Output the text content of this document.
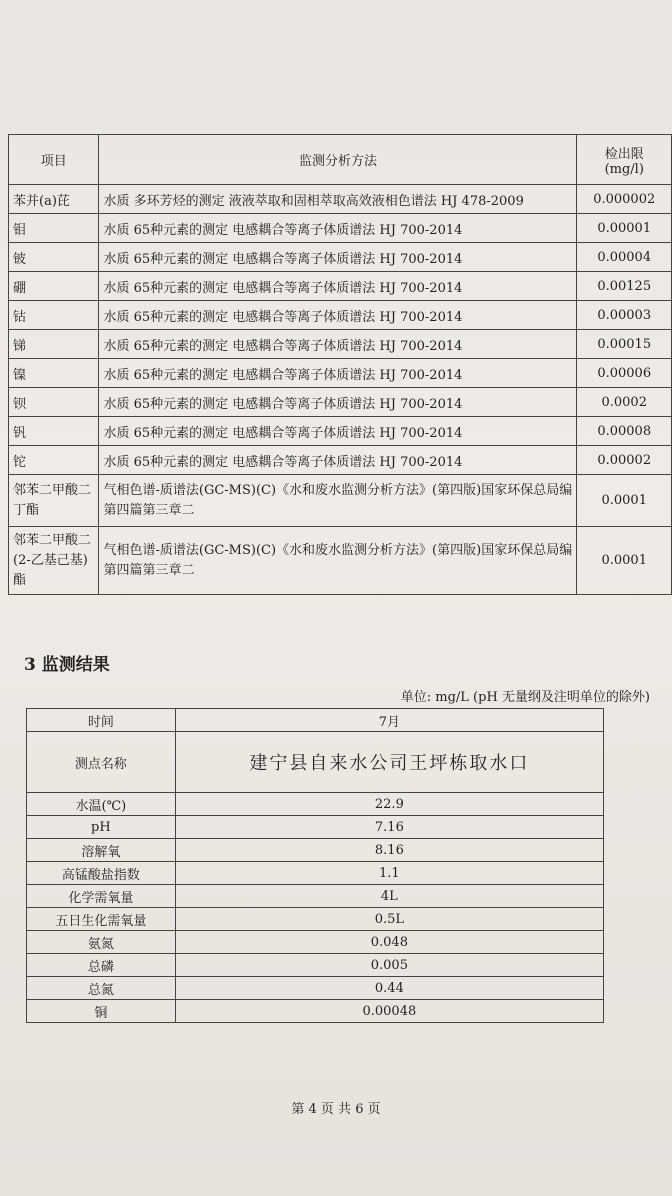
项目	监测分析方法	检出限
(mg/l)

苯并(a)芘	水质 多环芳烃的测定 液液萃取和固相萃取高效液相色谱法 HJ 478-2009	0.000002
钼	水质 65种元素的测定 电感耦合等离子体质谱法 HJ 700-2014	0.00001
铍	水质 65种元素的测定 电感耦合等离子体质谱法 HJ 700-2014	0.00004
硼	水质 65种元素的测定 电感耦合等离子体质谱法 HJ 700-2014	0.00125
钴	水质 65种元素的测定 电感耦合等离子体质谱法 HJ 700-2014	0.00003
锑	水质 65种元素的测定 电感耦合等离子体质谱法 HJ 700-2014	0.00015
镍	水质 65种元素的测定 电感耦合等离子体质谱法 HJ 700-2014	0.00006
钡	水质 65种元素的测定 电感耦合等离子体质谱法 HJ 700-2014	0.0002
钒	水质 65种元素的测定 电感耦合等离子体质谱法 HJ 700-2014	0.00008
铊	水质 65种元素的测定 电感耦合等离子体质谱法 HJ 700-2014	0.00002
邻苯二甲酸二丁酯	气相色谱-质谱法(GC-MS)(C)《水和废水监测分析方法》(第四版)国家环保总局编 第四篇第三章二	0.0001
邻苯二甲酸二(2-乙基己基)酯	气相色谱-质谱法(GC-MS)(C)《水和废水监测分析方法》(第四版)国家环保总局编 第四篇第三章二	0.0001
3 监测结果
单位: mg/L (pH 无量纲及注明单位的除外)
时间	7月
测点名称	建宁县自来水公司王坪栋取水口
水温(℃)	22.9
pH	7.16
溶解氧	8.16
高锰酸盐指数	1.1
化学需氧量	4L
五日生化需氧量	0.5L
氨氮	0.048
总磷	0.005
总氮	0.44
铜	0.00048
第 4 页 共 6 页
